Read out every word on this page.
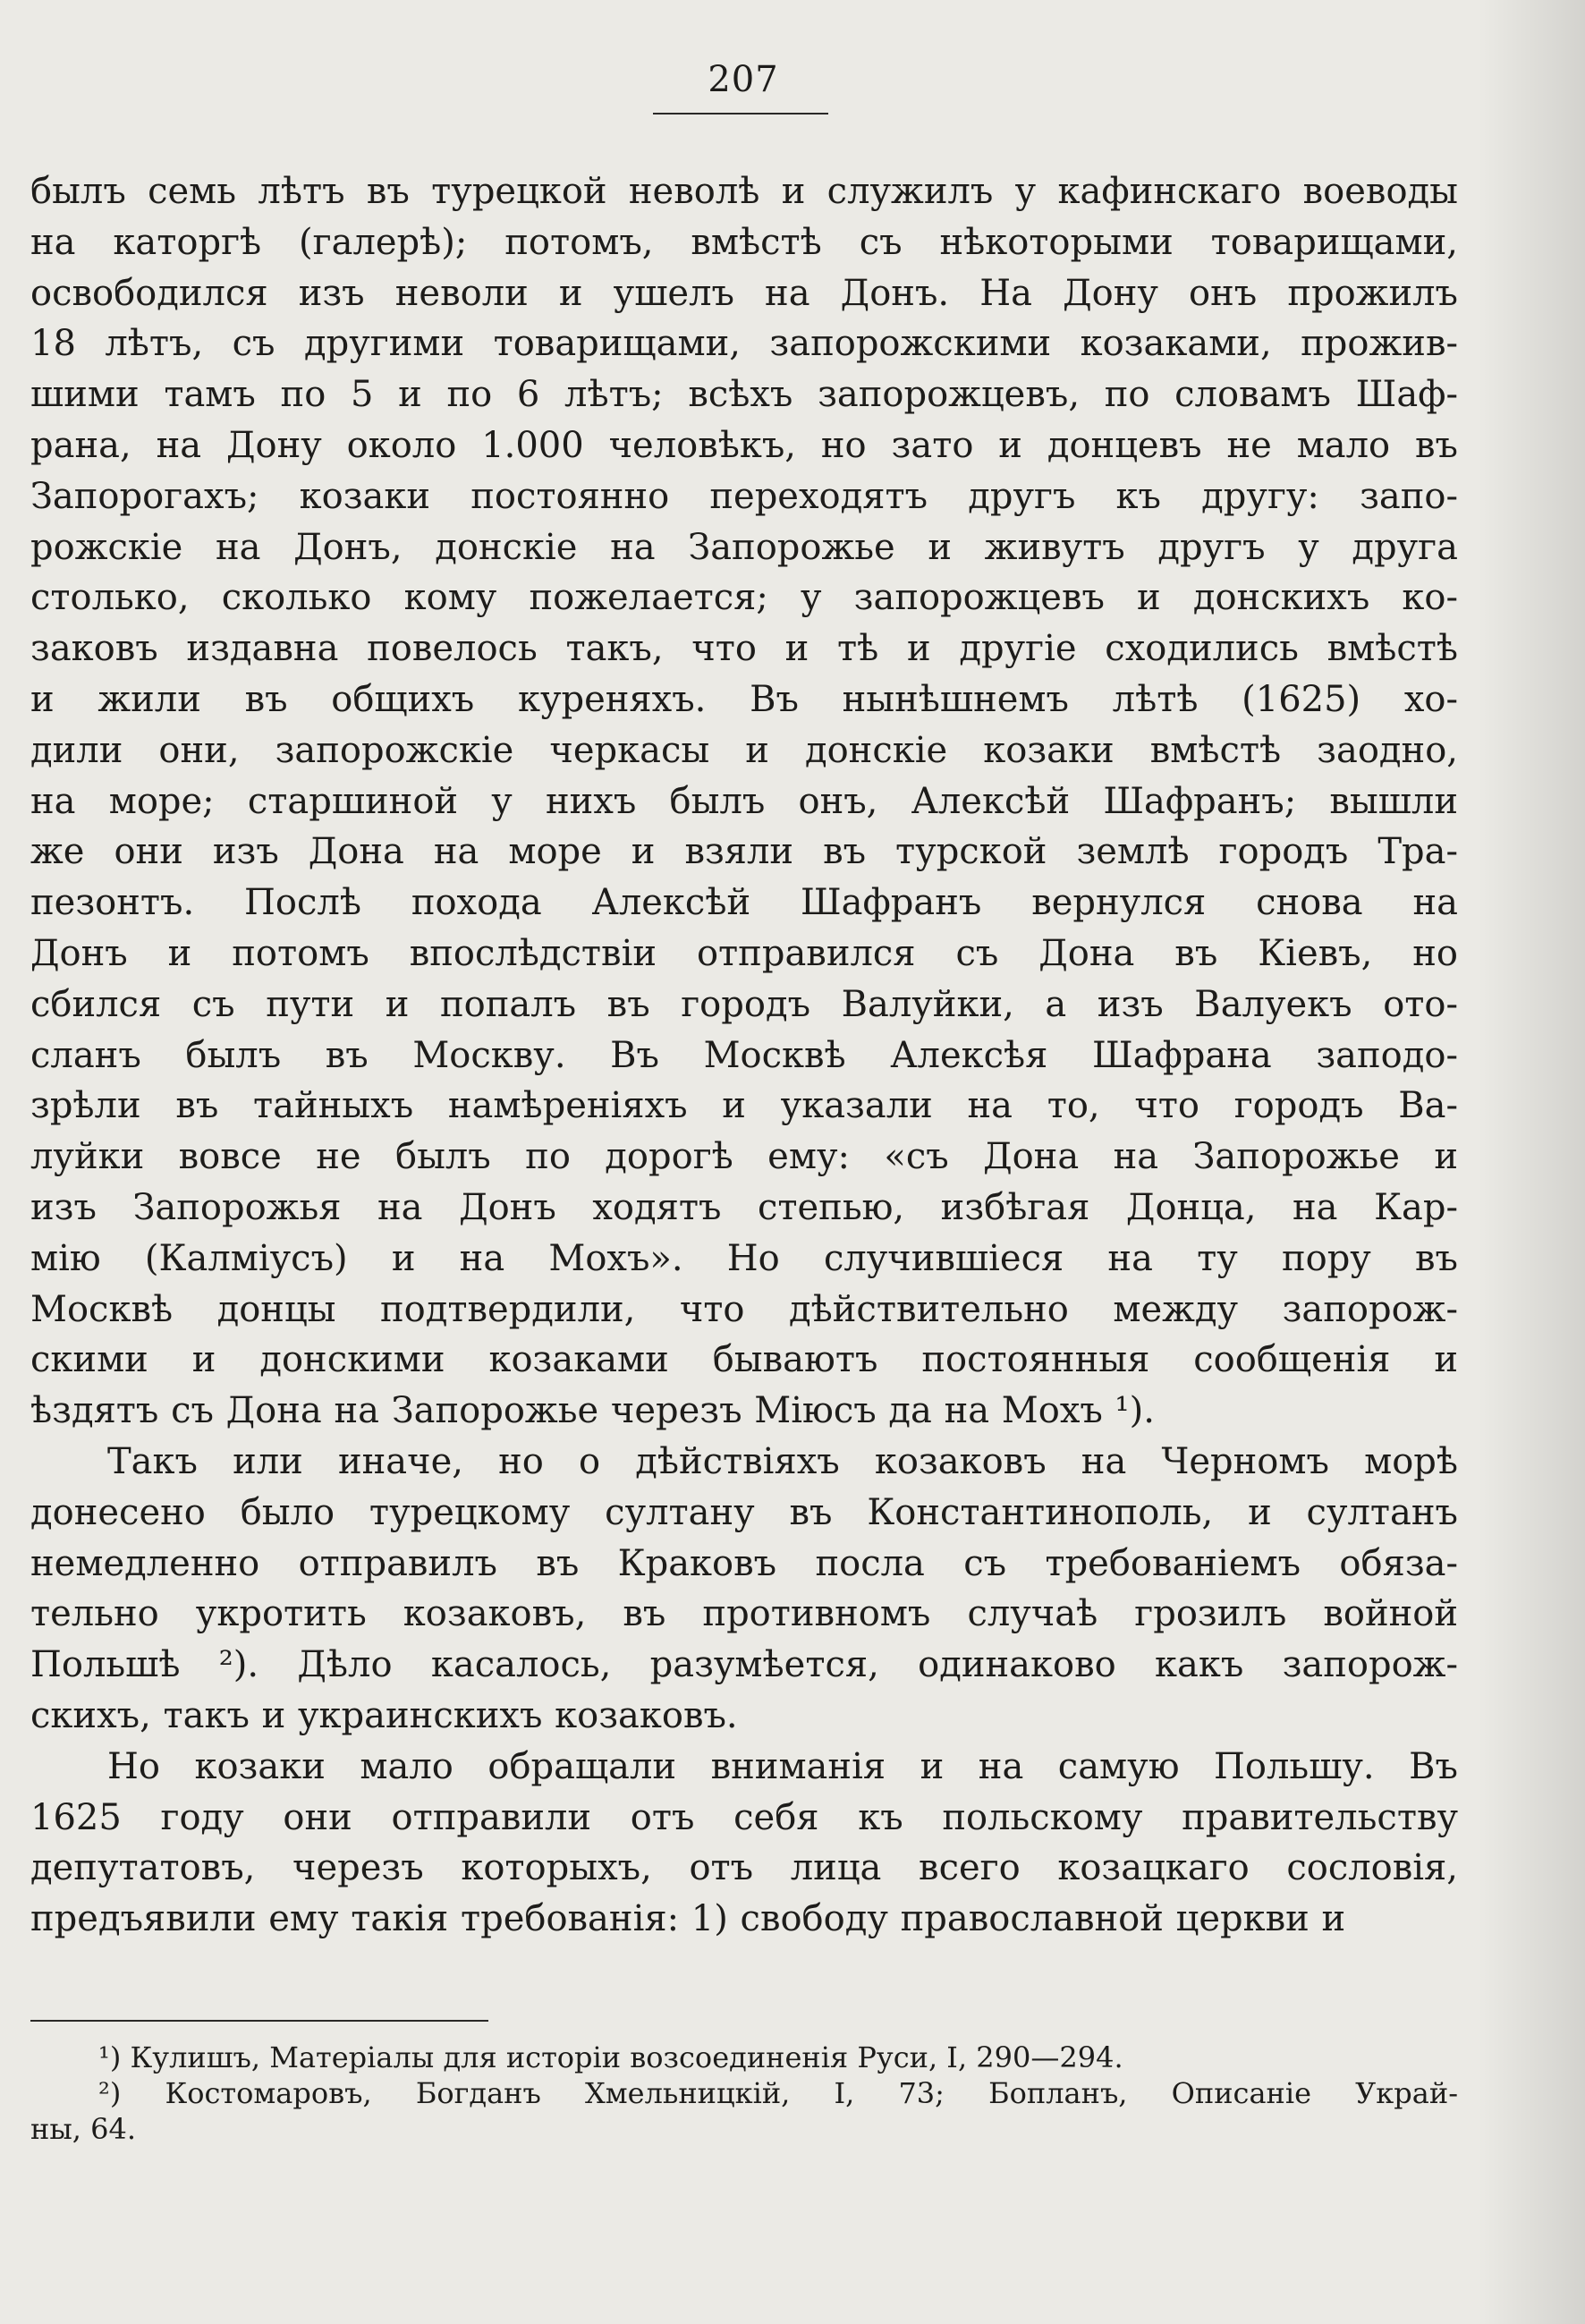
207
былъ семь лѣтъ въ турецкой неволѣ и служилъ у кафинскаго воеводы
на каторгѣ (галерѣ); потомъ, вмѣстѣ съ нѣкоторыми товарищами,
освободился изъ неволи и ушелъ на Донъ. На Дону онъ прожилъ
18 лѣтъ, съ другими товарищами, запорожскими козаками, прожив-
шими тамъ по 5 и по 6 лѣтъ; всѣхъ запорожцевъ, по словамъ Шаф-
рана, на Дону около 1.000 человѣкъ, но зато и донцевъ не мало въ
Запорогахъ; козаки постоянно переходятъ другъ къ другу: запо-
рожскіе на Донъ, донскіе на Запорожье и живутъ другъ у друга
столько, сколько кому пожелается; у запорожцевъ и донскихъ ко-
заковъ издавна повелось такъ, что и тѣ и другіе сходились вмѣстѣ
и жили въ общихъ куреняхъ. Въ нынѣшнемъ лѣтѣ (1625) хо-
дили они, запорожскіе черкасы и донскіе козаки вмѣстѣ заодно,
на море; старшиной у нихъ былъ онъ, Алексѣй Шафранъ; вышли
же они изъ Дона на море и взяли въ турской землѣ городъ Тра-
пезонтъ. Послѣ похода Алексѣй Шафранъ вернулся снова на
Донъ и потомъ впослѣдствіи отправился съ Дона въ Кіевъ, но
сбился съ пути и попалъ въ городъ Валуйки, а изъ Валуекъ ото-
сланъ былъ въ Москву. Въ Москвѣ Алексѣя Шафрана заподо-
зрѣли въ тайныхъ намѣреніяхъ и указали на то, что городъ Ва-
луйки вовсе не былъ по дорогѣ ему: «съ Дона на Запорожье и
изъ Запорожья на Донъ ходятъ степью, избѣгая Донца, на Кар-
мію (Калміусъ) и на Мохъ». Но случившіеся на ту пору въ
Москвѣ донцы подтвердили, что дѣйствительно между запорож-
скими и донскими козаками бываютъ постоянныя сообщенія и
ѣздятъ съ Дона на Запорожье черезъ Міюсъ да на Мохъ ¹).
Такъ или иначе, но о дѣйствіяхъ козаковъ на Черномъ морѣ
донесено было турецкому султану въ Константинополь, и султанъ
немедленно отправилъ въ Краковъ посла съ требованіемъ обяза-
тельно укротить козаковъ, въ противномъ случаѣ грозилъ войной
Польшѣ ²). Дѣло касалось, разумѣется, одинаково какъ запорож-
скихъ, такъ и украинскихъ козаковъ.
Но козаки мало обращали вниманія и на самую Польшу. Въ
1625 году они отправили отъ себя къ польскому правительству
депутатовъ, черезъ которыхъ, отъ лица всего козацкаго сословія,
предъявили ему такія требованія: 1) свободу православной церкви и
¹) Кулишъ, Матеріалы для исторіи возсоединенія Руси, I, 290—294.
²) Костомаровъ, Богданъ Хмельницкій, I, 73; Бопланъ, Описаніе Украй-
ны, 64.
